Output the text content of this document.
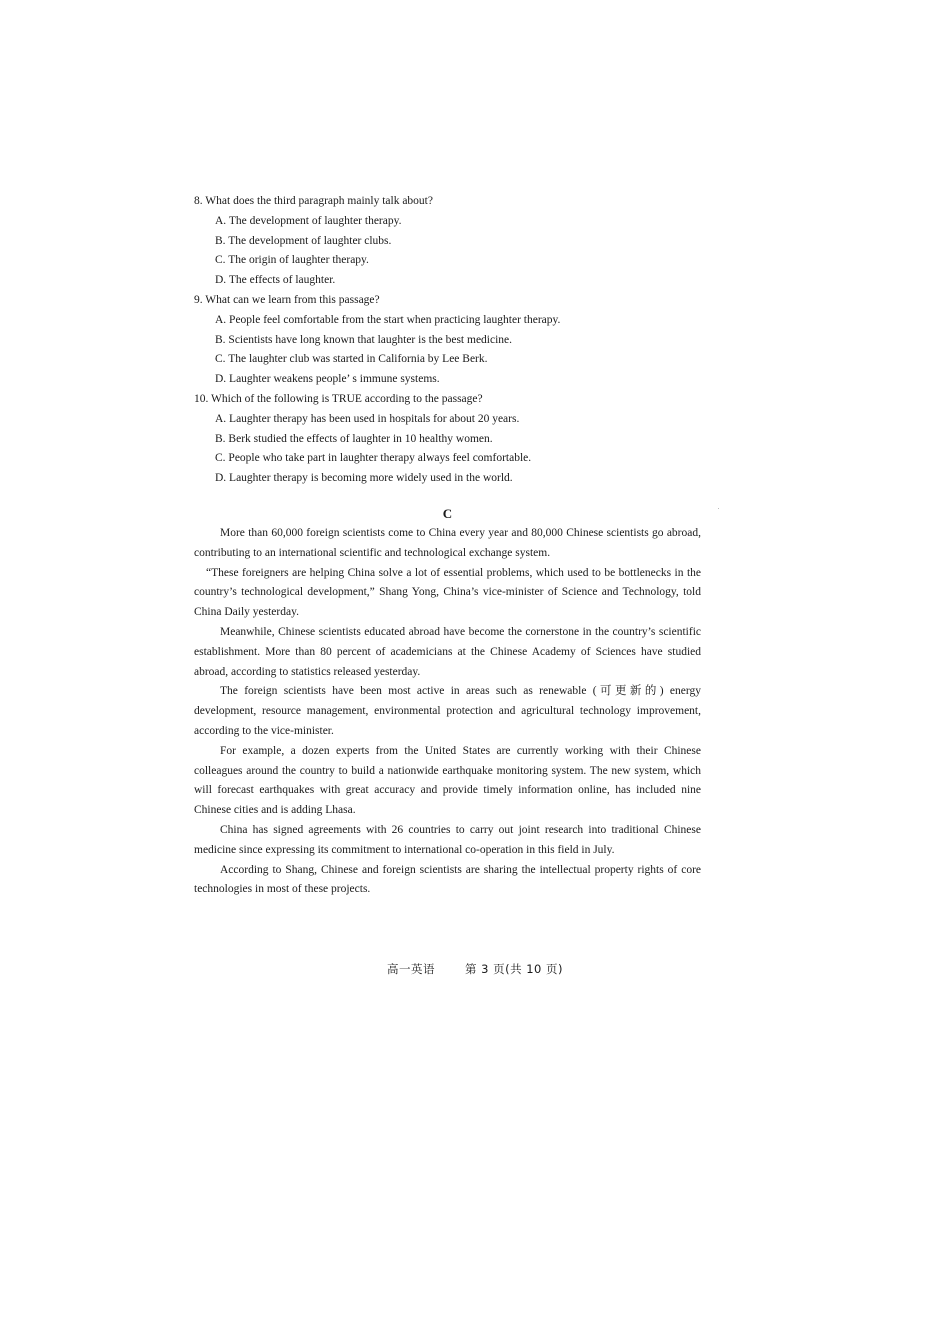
8. What does the third paragraph mainly talk about?
A. The development of laughter therapy.
B. The development of laughter clubs.
C. The origin of laughter therapy.
D. The effects of laughter.
9. What can we learn from this passage?
A. People feel comfortable from the start when practicing laughter therapy.
B. Scientists have long known that laughter is the best medicine.
C. The laughter club was started in California by Lee Berk.
D. Laughter weakens people’ s immune systems.
10. Which of the following is TRUE according to the passage?
A. Laughter therapy has been used in hospitals for about 20 years.
B. Berk studied the effects of laughter in 10 healthy women.
C. People who take part in laughter therapy always feel comfortable.
D. Laughter therapy is becoming more widely used in the world.
C

More than 60,000 foreign scientists come to China every year and 80,000 Chinese scientists go abroad, contributing to an international scientific and technological exchange system.

“These foreigners are helping China solve a lot of essential problems, which used to be bottlenecks in the country’s technological development,” Shang Yong, China’s vice-minister of Science and Technology, told China Daily yesterday.

Meanwhile, Chinese scientists educated abroad have become the cornerstone in the country’s scientific establishment. More than 80 percent of academicians at the Chinese Academy of Sciences have studied abroad, according to statistics released yesterday.

The foreign scientists have been most active in areas such as renewable (可更新的) energy development, resource management, environmental protection and agricultural technology improvement, according to the vice-minister.

For example, a dozen experts from the United States are currently working with their Chinese colleagues around the country to build a nationwide earthquake monitoring system. The new system, which will forecast earthquakes with great accuracy and provide timely information online, has included nine Chinese cities and is adding Lhasa.

China has signed agreements with 26 countries to carry out joint research into traditional Chinese medicine since expressing its commitment to international co-operation in this field in July.

According to Shang, Chinese and foreign scientists are sharing the intellectual property rights of core technologies in most of these projects.

高一英语	第 3 页(共 10 页)
